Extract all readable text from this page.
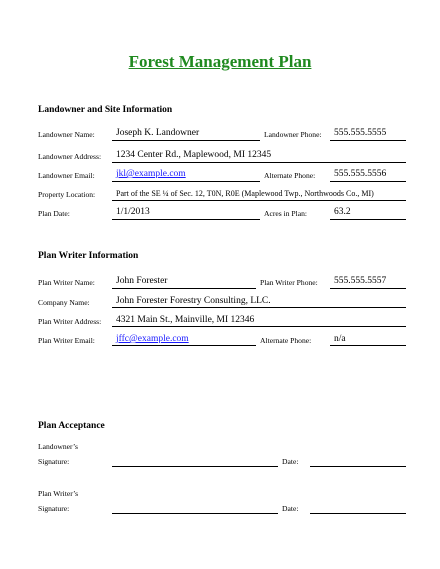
Forest Management Plan
Landowner and Site Information
Landowner Name: Joseph K. Landowner	Landowner Phone: 555.555.5555
Landowner Address: 1234 Center Rd., Maplewood, MI 12345
Landowner Email: jkl@example.com	Alternate Phone: 555.555.5556
Property Location:	Part of the SE ¼ of Sec. 12, T0N, R0E (Maplewood Twp., Northwoods Co., MI)
Plan Date:	1/1/2013	Acres in Plan:	63.2
Plan Writer Information
Plan Writer Name: John Forester	Plan Writer Phone: 555.555.5557
Company Name:	John Forester Forestry Consulting, LLC.
Plan Writer Address: 4321 Main St., Mainville, MI 12346
Plan Writer Email: jffc@example.com	Alternate Phone: n/a
Plan Acceptance
Landowner’s
Signature:	Date:
Plan Writer’s
Signature:	Date:
